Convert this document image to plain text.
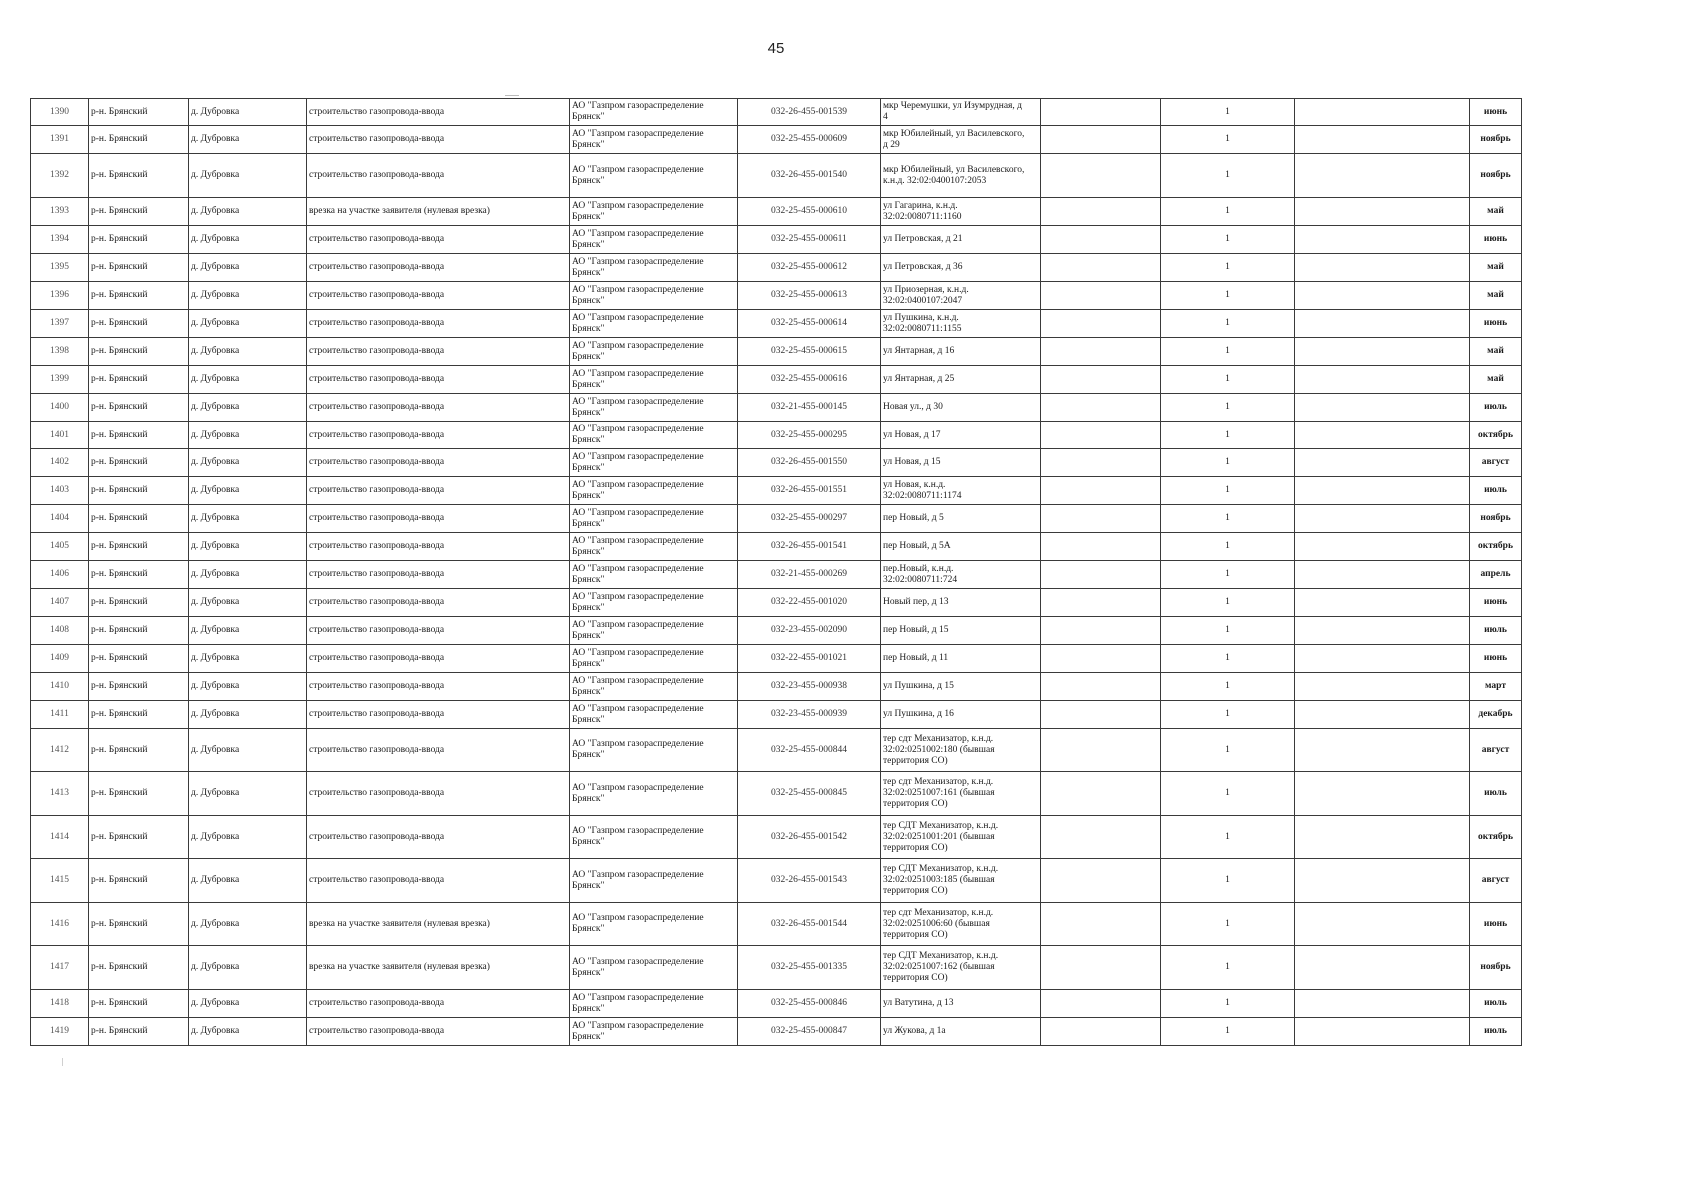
45
1390	р-н. Брянский	д. Дубровка	строительство газопровода-ввода	АО "Газпром газораспределение
Брянск"	032-26-455-001539	мкр Черемушки, ул Изумрудная, д
4		1		июнь	
1391	р-н. Брянский	д. Дубровка	строительство газопровода-ввода	АО "Газпром газораспределение
Брянск"	032-25-455-000609	мкр Юбилейный, ул Василевского,
д 29		1		ноябрь	
1392	р-н. Брянский	д. Дубровка	строительство газопровода-ввода	АО "Газпром газораспределение
Брянск"	032-26-455-001540	мкр Юбилейный, ул Василевского,
к.н.д. 32:02:0400107:2053		1		ноябрь	
1393	р-н. Брянский	д. Дубровка	врезка на участке заявителя (нулевая врезка)	АО "Газпром газораспределение
Брянск"	032-25-455-000610	ул Гагарина, к.н.д.
32:02:0080711:1160		1		май	
1394	р-н. Брянский	д. Дубровка	строительство газопровода-ввода	АО "Газпром газораспределение
Брянск"	032-25-455-000611	ул Петровская, д 21		1		июнь	
1395	р-н. Брянский	д. Дубровка	строительство газопровода-ввода	АО "Газпром газораспределение
Брянск"	032-25-455-000612	ул Петровская, д 36		1		май	
1396	р-н. Брянский	д. Дубровка	строительство газопровода-ввода	АО "Газпром газораспределение
Брянск"	032-25-455-000613	ул Приозерная, к.н.д.
32:02:0400107:2047		1		май	
1397	р-н. Брянский	д. Дубровка	строительство газопровода-ввода	АО "Газпром газораспределение
Брянск"	032-25-455-000614	ул Пушкина, к.н.д.
32:02:0080711:1155		1		июнь	
1398	р-н. Брянский	д. Дубровка	строительство газопровода-ввода	АО "Газпром газораспределение
Брянск"	032-25-455-000615	ул Янтарная, д 16		1		май	
1399	р-н. Брянский	д. Дубровка	строительство газопровода-ввода	АО "Газпром газораспределение
Брянск"	032-25-455-000616	ул Янтарная, д 25		1		май	
1400	р-н. Брянский	д. Дубровка	строительство газопровода-ввода	АО "Газпром газораспределение
Брянск"	032-21-455-000145	Новая ул., д 30		1		июль	
1401	р-н. Брянский	д. Дубровка	строительство газопровода-ввода	АО "Газпром газораспределение
Брянск"	032-25-455-000295	ул Новая, д 17		1		октябрь	
1402	р-н. Брянский	д. Дубровка	строительство газопровода-ввода	АО "Газпром газораспределение
Брянск"	032-26-455-001550	ул Новая, д 15		1		август	
1403	р-н. Брянский	д. Дубровка	строительство газопровода-ввода	АО "Газпром газораспределение
Брянск"	032-26-455-001551	ул Новая, к.н.д.
32:02:0080711:1174		1		июль	
1404	р-н. Брянский	д. Дубровка	строительство газопровода-ввода	АО "Газпром газораспределение
Брянск"	032-25-455-000297	пер Новый, д 5		1		ноябрь	
1405	р-н. Брянский	д. Дубровка	строительство газопровода-ввода	АО "Газпром газораспределение
Брянск"	032-26-455-001541	пер Новый, д 5А		1		октябрь	
1406	р-н. Брянский	д. Дубровка	строительство газопровода-ввода	АО "Газпром газораспределение
Брянск"	032-21-455-000269	пер.Новый, к.н.д.
32:02:0080711:724		1		апрель	
1407	р-н. Брянский	д. Дубровка	строительство газопровода-ввода	АО "Газпром газораспределение
Брянск"	032-22-455-001020	Новый пер, д 13		1		июнь	
1408	р-н. Брянский	д. Дубровка	строительство газопровода-ввода	АО "Газпром газораспределение
Брянск"	032-23-455-002090	пер Новый, д 15		1		июль	
1409	р-н. Брянский	д. Дубровка	строительство газопровода-ввода	АО "Газпром газораспределение
Брянск"	032-22-455-001021	пер Новый, д 11		1		июнь	
1410	р-н. Брянский	д. Дубровка	строительство газопровода-ввода	АО "Газпром газораспределение
Брянск"	032-23-455-000938	ул Пушкина, д 15		1		март	
1411	р-н. Брянский	д. Дубровка	строительство газопровода-ввода	АО "Газпром газораспределение
Брянск"	032-23-455-000939	ул Пушкина, д 16		1		декабрь	
1412	р-н. Брянский	д. Дубровка	строительство газопровода-ввода	АО "Газпром газораспределение
Брянск"	032-25-455-000844	тер сдт Механизатор, к.н.д.
32:02:0251002:180 (бывшая
территория СО)		1		август	
1413	р-н. Брянский	д. Дубровка	строительство газопровода-ввода	АО "Газпром газораспределение
Брянск"	032-25-455-000845	тер сдт Механизатор, к.н.д.
32:02:0251007:161 (бывшая
территория СО)		1		июль	
1414	р-н. Брянский	д. Дубровка	строительство газопровода-ввода	АО "Газпром газораспределение
Брянск"	032-26-455-001542	тер СДТ Механизатор, к.н.д.
32:02:0251001:201 (бывшая
территория СО)		1		октябрь	
1415	р-н. Брянский	д. Дубровка	строительство газопровода-ввода	АО "Газпром газораспределение
Брянск"	032-26-455-001543	тер СДТ Механизатор, к.н.д.
32:02:0251003:185 (бывшая
территория СО)		1		август	
1416	р-н. Брянский	д. Дубровка	врезка на участке заявителя (нулевая врезка)	АО "Газпром газораспределение
Брянск"	032-26-455-001544	тер сдт Механизатор, к.н.д.
32:02:0251006:60 (бывшая
территория СО)		1		июнь	
1417	р-н. Брянский	д. Дубровка	врезка на участке заявителя (нулевая врезка)	АО "Газпром газораспределение
Брянск"	032-25-455-001335	тер СДТ Механизатор, к.н.д.
32:02:0251007:162 (бывшая
территория СО)		1		ноябрь	
1418	р-н. Брянский	д. Дубровка	строительство газопровода-ввода	АО "Газпром газораспределение
Брянск"	032-25-455-000846	ул Ватутина, д 13		1		июль	
1419	р-н. Брянский	д. Дубровка	строительство газопровода-ввода	АО "Газпром газораспределение
Брянск"	032-25-455-000847	ул Жукова, д 1а		1		июль	
